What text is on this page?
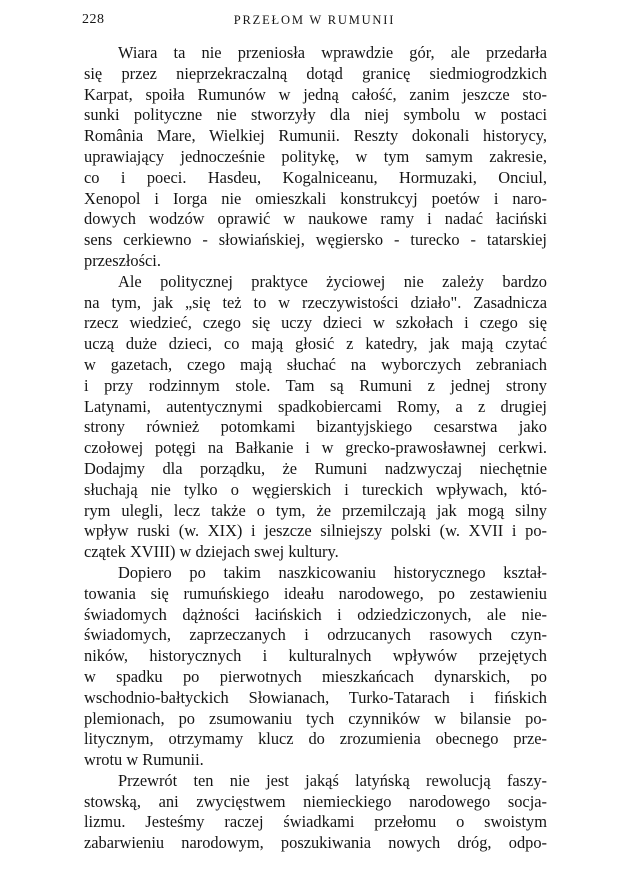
228	PRZEŁOM W RUMUNII
Wiara ta nie przeniosła wprawdzie gór, ale przedarła
się przez nieprzekraczalną dotąd granicę siedmiogrodzkich
Karpat, spoiła Rumunów w jedną całość, zanim jeszcze sto-
sunki polityczne nie stworzyły dla niej symbolu w postaci
România Mare, Wielkiej Rumunii. Reszty dokonali historycy,
uprawiający jednocześnie politykę, w tym samym zakresie,
co i poeci. Hasdeu, Kogalniceanu, Hormuzaki, Onciul,
Xenopol i Iorga nie omieszkali konstrukcyj poetów i naro-
dowych wodzów oprawić w naukowe ramy i nadać łaciński
sens cerkiewno - słowiańskiej, węgiersko - turecko - tatarskiej
przeszłości.
Ale politycznej praktyce życiowej nie zależy bardzo
na tym, jak „się też to w rzeczywistości działo". Zasadnicza
rzecz wiedzieć, czego się uczy dzieci w szkołach i czego się
uczą duże dzieci, co mają głosić z katedry, jak mają czytać
w gazetach, czego mają słuchać na wyborczych zebraniach
i przy rodzinnym stole. Tam są Rumuni z jednej strony
Latynami, autentycznymi spadkobiercami Romy, a z drugiej
strony również potomkami bizantyjskiego cesarstwa jako
czołowej potęgi na Bałkanie i w grecko-prawosławnej cerkwi.
Dodajmy dla porządku, że Rumuni nadzwyczaj niechętnie
słuchają nie tylko o węgierskich i tureckich wpływach, któ-
rym ulegli, lecz także o tym, że przemilczają jak mogą silny
wpływ ruski (w. XIX) i jeszcze silniejszy polski (w. XVII i po-
czątek XVIII) w dziejach swej kultury.
Dopiero po takim naszkicowaniu historycznego kształ-
towania się rumuńskiego ideału narodowego, po zestawieniu
świadomych dążności łacińskich i odziedziczonych, ale nie-
świadomych, zaprzeczanych i odrzucanych rasowych czyn-
ników, historycznych i kulturalnych wpływów przejętych
w spadku po pierwotnych mieszkańcach dynarskich, po
wschodnio-bałtyckich Słowianach, Turko-Tatarach i fińskich
plemionach, po zsumowaniu tych czynników w bilansie po-
litycznym, otrzymamy klucz do zrozumienia obecnego prze-
wrotu w Rumunii.
Przewrót ten nie jest jakąś latyńską rewolucją faszy-
stowską, ani zwycięstwem niemieckiego narodowego socja-
lizmu. Jesteśmy raczej świadkami przełomu o swoistym
zabarwieniu narodowym, poszukiwania nowych dróg, odpo-
